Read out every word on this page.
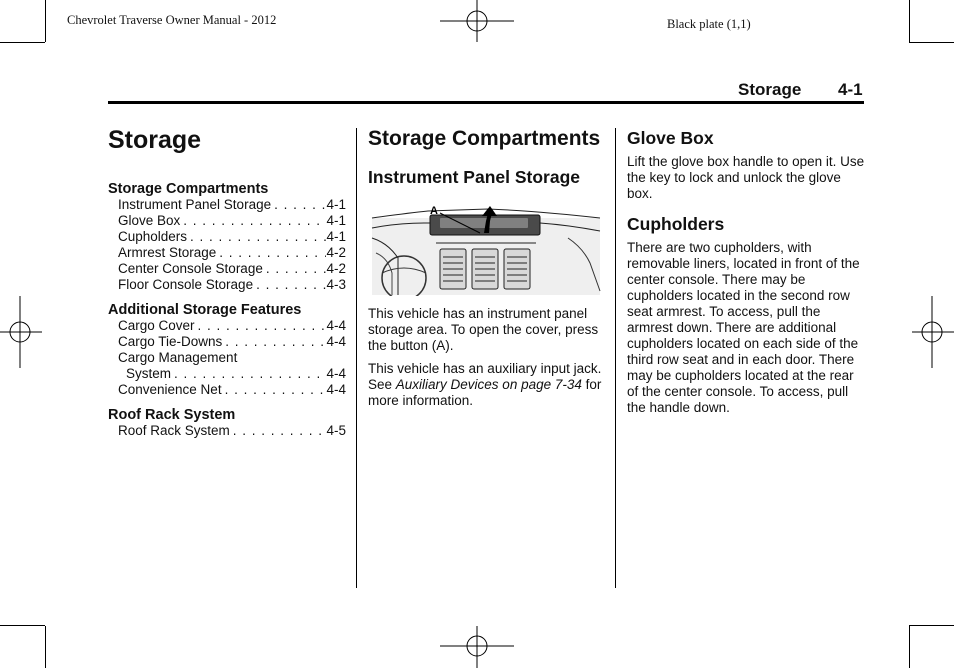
Chevrolet Traverse Owner Manual - 2012	Black plate (1,1)
Storage 4-1
Storage
Storage Compartments
Instrument Panel Storage . . .	4-1
Glove Box . . .	4-1
Cupholders . . .	4-1
Armrest Storage . . .	4-2
Center Console Storage . . .	4-2
Floor Console Storage . . .	4-3
Additional Storage Features
Cargo Cover . . .	4-4
Cargo Tie-Downs . . .	4-4
Cargo Management
System . . .	4-4
Convenience Net . . .	4-4
Roof Rack System
Roof Rack System . . .	4-5
Storage Compartments
Instrument Panel Storage
A

This vehicle has an instrument panel storage area. To open the cover, press the button (A).

This vehicle has an auxiliary input jack. See Auxiliary Devices on page 7-34 for more information.

Glove Box

Lift the glove box handle to open it. Use the key to lock and unlock the glove box.

Cupholders

There are two cupholders, with removable liners, located in front of the center console. There may be cupholders located in the second row seat armrest. To access, pull the armrest down. There are additional cupholders located on each side of the third row seat and in each door. There may be cupholders located at the rear of the center console. To access, pull the handle down.
